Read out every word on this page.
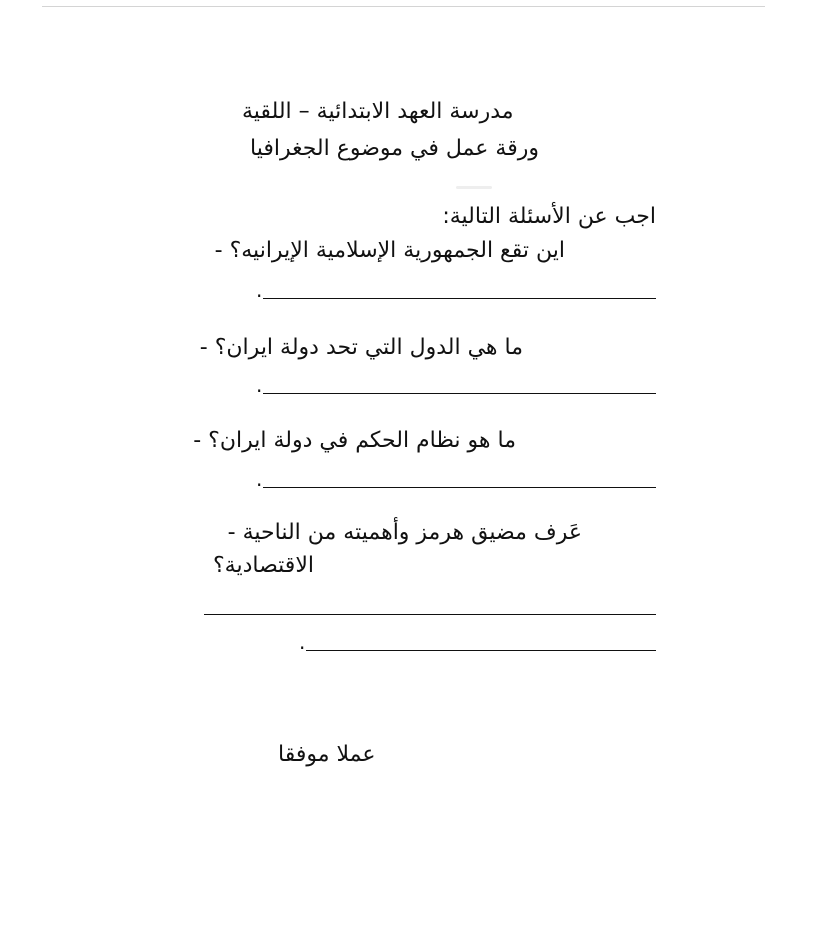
مدرسة العهد الابتدائية – اللقية
ورقة عمل في موضوع الجغرافيا
اجب عن الأسئلة التالية:
اين تقع الجمهورية الإسلامية الإيرانيه؟ -
.
ما هي الدول التي تحد دولة ايران؟ -
.
ما هو نظام الحكم في دولة ايران؟ -
.
عَرف مضيق هرمز وأهميته من الناحية -
الاقتصادية؟
.
عملا موفقا
